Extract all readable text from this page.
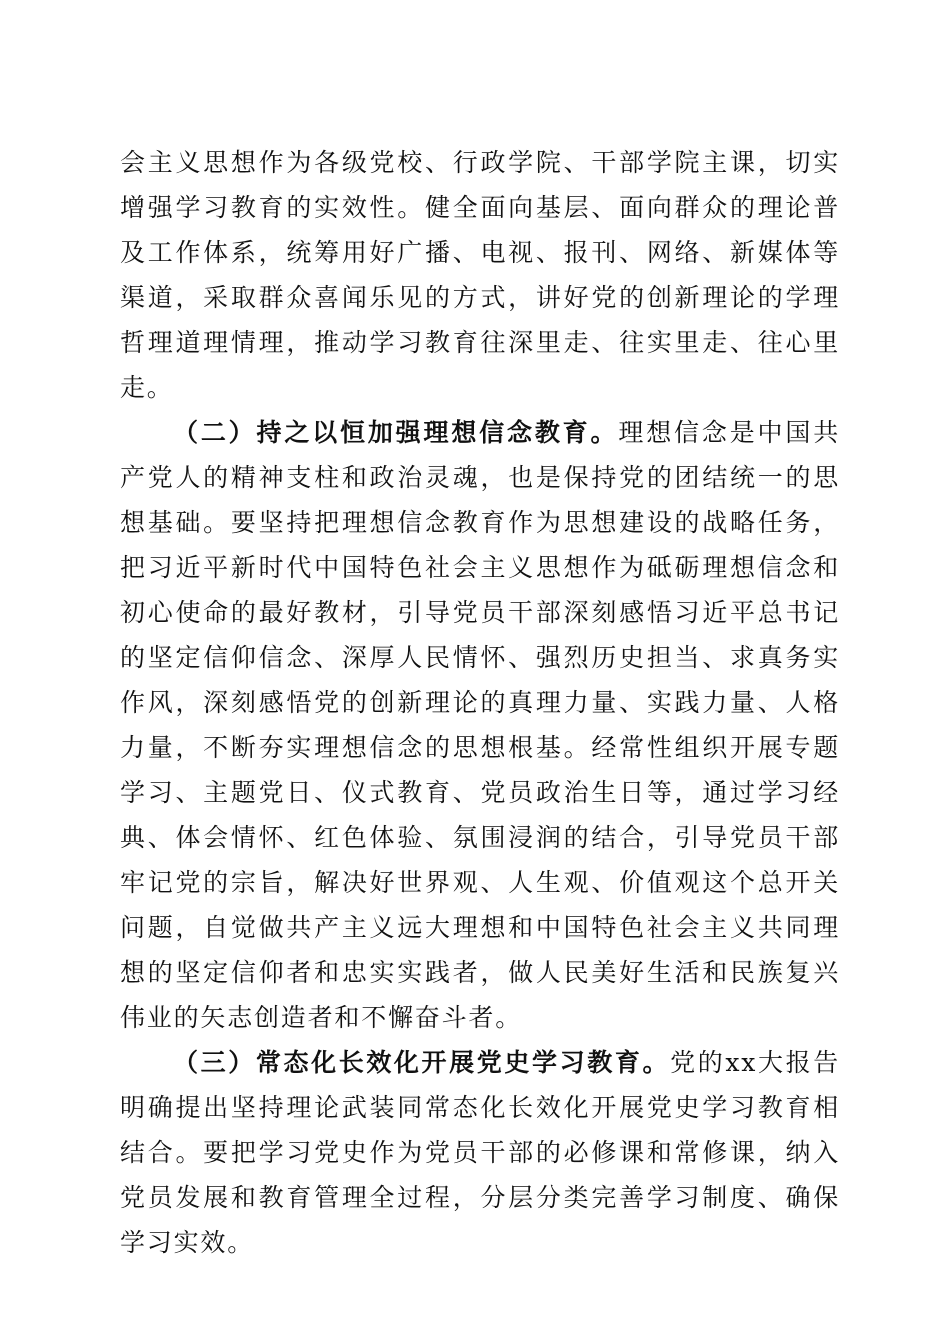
会主义思想作为各级党校、行政学院、干部学院主课，切实增强学习教育的实效性。健全面向基层、面向群众的理论普及工作体系，统筹用好广播、电视、报刊、网络、新媒体等渠道，采取群众喜闻乐见的方式，讲好党的创新理论的学理哲理道理情理，推动学习教育往深里走、往实里走、往心里走。

（二）持之以恒加强理想信念教育。理想信念是中国共产党人的精神支柱和政治灵魂，也是保持党的团结统一的思想基础。要坚持把理想信念教育作为思想建设的战略任务，把习近平新时代中国特色社会主义思想作为砥砺理想信念和初心使命的最好教材，引导党员干部深刻感悟习近平总书记的坚定信仰信念、深厚人民情怀、强烈历史担当、求真务实作风，深刻感悟党的创新理论的真理力量、实践力量、人格力量，不断夯实理想信念的思想根基。经常性组织开展专题学习、主题党日、仪式教育、党员政治生日等，通过学习经典、体会情怀、红色体验、氛围浸润的结合，引导党员干部牢记党的宗旨，解决好世界观、人生观、价值观这个总开关问题，自觉做共产主义远大理想和中国特色社会主义共同理想的坚定信仰者和忠实实践者，做人民美好生活和民族复兴伟业的矢志创造者和不懈奋斗者。

（三）常态化长效化开展党史学习教育。党的xx大报告明确提出坚持理论武装同常态化长效化开展党史学习教育相结合。要把学习党史作为党员干部的必修课和常修课，纳入党员发展和教育管理全过程，分层分类完善学习制度、确保学习实效。
